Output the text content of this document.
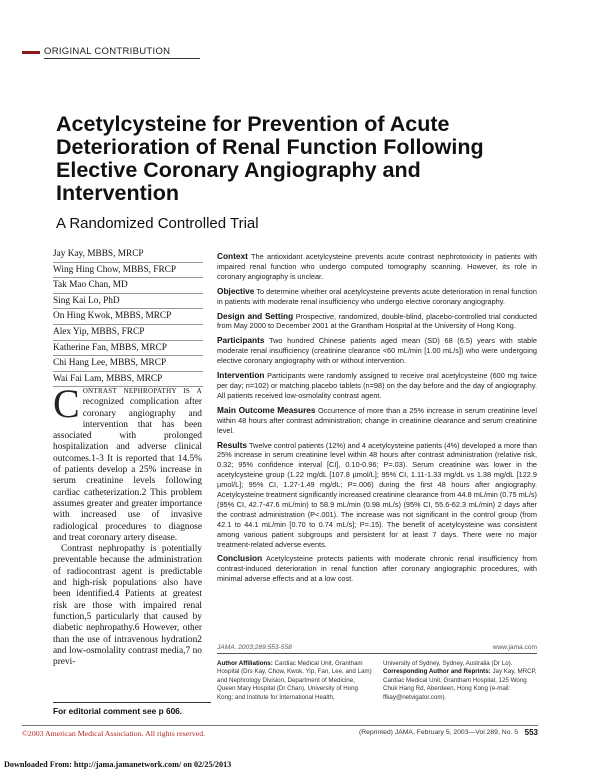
ORIGINAL CONTRIBUTION
Acetylcysteine for Prevention of Acute Deterioration of Renal Function Following Elective Coronary Angiography and Intervention
A Randomized Controlled Trial
Jay Kay, MBBS, MRCP
Wing Hing Chow, MBBS, FRCP
Tak Mao Chan, MD
Sing Kai Lo, PhD
On Hing Kwok, MBBS, MRCP
Alex Yip, MBBS, FRCP
Katherine Fan, MBBS, MRCP
Chi Hang Lee, MBBS, MRCP
Wai Fai Lam, MBBS, MRCP

Contrast nephropathy is a recognized complication after coronary angiography and intervention that has been associated with prolonged hospitalization and adverse clinical outcomes.1-3 It is reported that 14.5% of patients develop a 25% increase in serum creatinine levels following cardiac catheterization.2 This problem assumes greater and greater importance with increased use of invasive radiological procedures to diagnose and treat coronary artery disease.

Contrast nephropathy is potentially preventable because the administration of radiocontrast agent is predictable and high-risk populations also have been identified.4 Patients at greatest risk are those with impaired renal function,5 particularly that caused by diabetic nephropathy.6 However, other than the use of intravenous hydration2 and low-osmolality contrast media,7 no previ-

For editorial comment see p 606.
Context The antioxidant acetylcysteine prevents acute contrast nephrotoxicity in patients with impaired renal function who undergo computed tomography scanning. However, its role in coronary angiography is unclear.
Objective To determine whether oral acetylcysteine prevents acute deterioration in renal function in patients with moderate renal insufficiency who undergo elective coronary angiography.
Design and Setting Prospective, randomized, double-blind, placebo-controlled trial conducted from May 2000 to December 2001 at the Grantham Hospital at the University of Hong Kong.
Participants Two hundred Chinese patients aged mean (SD) 68 (6.5) years with stable moderate renal insufficiency (creatinine clearance <60 mL/min [1.00 mL/s]) who were undergoing elective coronary angiography with or without intervention.
Intervention Participants were randomly assigned to receive oral acetylcysteine (600 mg twice per day; n=102) or matching placebo tablets (n=98) on the day before and the day of angiography. All patients received low-osmolality contrast agent.
Main Outcome Measures Occurrence of more than a 25% increase in serum creatinine level within 48 hours after contrast administration; change in creatinine clearance and serum creatinine level.
Results Twelve control patients (12%) and 4 acetylcysteine patients (4%) developed a more than 25% increase in serum creatinine level within 48 hours after contrast administration (relative risk, 0.32; 95% confidence interval [CI], 0.10-0.96; P=.03). Serum creatinine was lower in the acetylcysteine group (1.22 mg/dL [107.8 µmol/L]; 95% CI, 1.11-1.33 mg/dL vs 1.38 mg/dL [122.9 µmol/L]; 95% CI, 1.27-1.49 mg/dL; P=.006) during the first 48 hours after angiography. Acetylcysteine treatment significantly increased creatinine clearance from 44.8 mL/min (0.75 mL/s) (95% CI, 42.7-47.6 mL/min) to 58.9 mL/min (0.98 mL/s) (95% CI, 55.6-62.3 mL/min) 2 days after the contrast administration (P<.001). The increase was not significant in the control group (from 42.1 to 44.1 mL/min [0.70 to 0.74 mL/s]; P=.15). The benefit of acetylcysteine was consistent among various patient subgroups and persistent for at least 7 days. There were no major treatment-related adverse events.
Conclusion Acetylcysteine protects patients with moderate chronic renal insufficiency from contrast-induced deterioration in renal function after coronary angiographic procedures, with minimal adverse effects and at a low cost.
JAMA. 2003;289:553-558	www.jama.com
Author Affiliations: Cardiac Medical Unit, Grantham Hospital (Drs Kay, Chow, Kwok, Yip, Fan, Lee, and Lam) and Nephrology Division, Department of Medicine, Queen Mary Hospital (Dr Chan), University of Hong Kong; and Institute for International Health,
University of Sydney, Sydney, Australia (Dr Lo).
Corresponding Author and Reprints: Jay Kay, MRCP, Cardiac Medical Unit, Grantham Hospital, 125 Wong Chuk Hang Rd, Aberdeen, Hong Kong (e-mail: ffkay@netvigator.com).
©2003 American Medical Association. All rights reserved.	(Reprinted) JAMA, February 5, 2003—Vol 289, No. 5 553
Downloaded From: http://jama.jamanetwork.com/ on 02/25/2013
